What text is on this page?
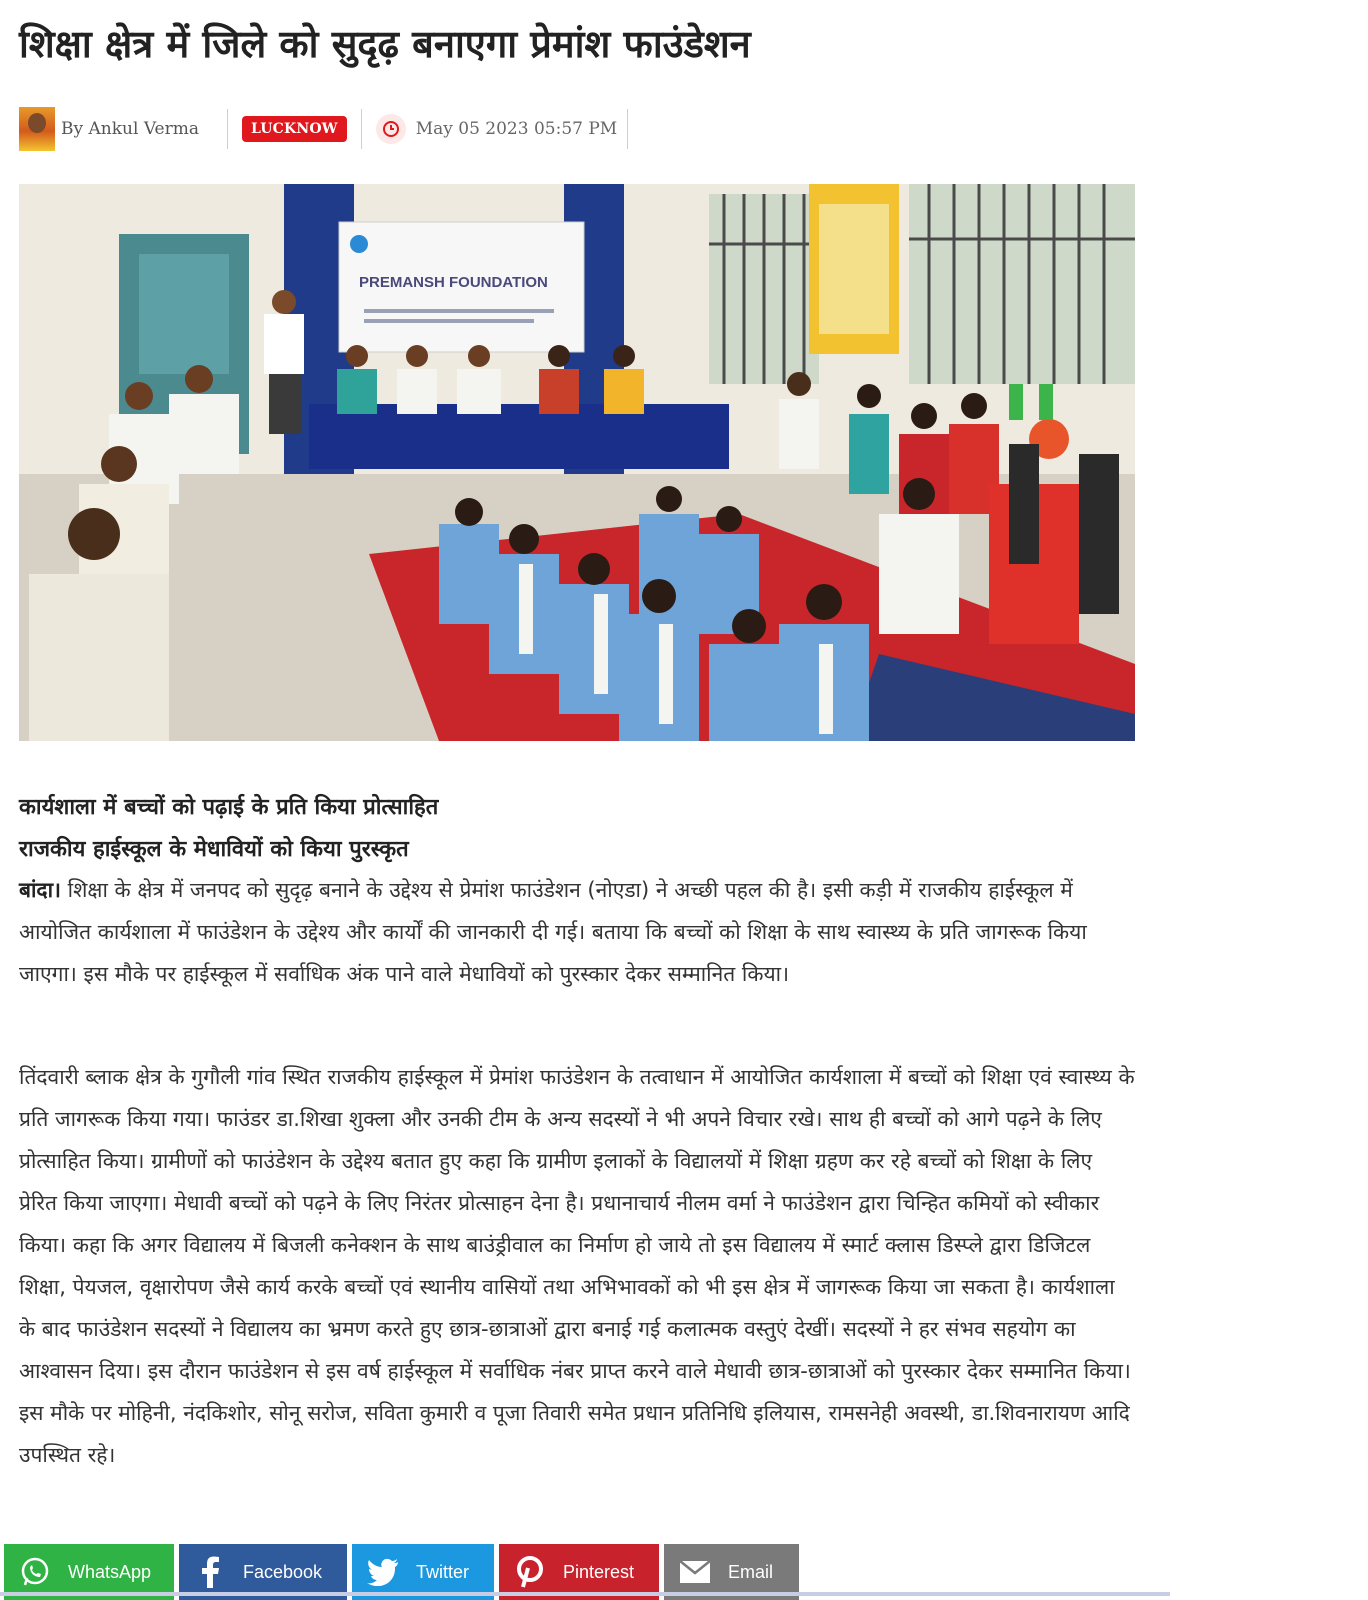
शिक्षा क्षेत्र में जिले को सुदृढ़ बनाएगा प्रेमांश फाउंडेशन
By Ankul Verma	LUCKNOW	May 05 2023 05:57 PM
PREMANSH FOUNDATION
कार्यशाला में बच्चों को पढ़ाई के प्रति किया प्रोत्साहित
राजकीय हाईस्कूल के मेधावियों को किया पुरस्कृत

बांदा। शिक्षा के क्षेत्र में जनपद को सुदृढ़ बनाने के उद्देश्य से प्रेमांश फाउंडेशन (नोएडा) ने अच्छी पहल की है। इसी कड़ी में राजकीय हाईस्कूल में आयोजित कार्यशाला में फाउंडेशन के उद्देश्य और कार्यों की जानकारी दी गई। बताया कि बच्चों को शिक्षा के साथ स्वास्थ्य के प्रति जागरूक किया जाएगा। इस मौके पर हाईस्कूल में सर्वाधिक अंक पाने वाले मेधावियों को पुरस्कार देकर सम्मानित किया।

तिंदवारी ब्लाक क्षेत्र के गुगौली गांव स्थित राजकीय हाईस्कूल में प्रेमांश फाउंडेशन के तत्वाधान में आयोजित कार्यशाला में बच्चों को शिक्षा एवं स्वास्थ्य के प्रति जागरूक किया गया। फाउंडर डा.शिखा शुक्ला और उनकी टीम के अन्य सदस्यों ने भी अपने विचार रखे। साथ ही बच्चों को आगे पढ़ने के लिए प्रोत्साहित किया। ग्रामीणों को फाउंडेशन के उद्देश्य बतात हुए कहा कि ग्रामीण इलाकों के विद्यालयों में शिक्षा ग्रहण कर रहे बच्चों को शिक्षा के लिए प्रेरित किया जाएगा। मेधावी बच्चों को पढ़ने के लिए निरंतर प्रोत्साहन देना है। प्रधानाचार्य नीलम वर्मा ने फाउंडेशन द्वारा चिन्हित कमियों को स्वीकार किया। कहा कि अगर विद्यालय में बिजली कनेक्शन के साथ बाउंड्रीवाल का निर्माण हो जाये तो इस विद्यालय में स्मार्ट क्लास डिस्प्ले द्वारा डिजिटल शिक्षा, पेयजल, वृक्षारोपण जैसे कार्य करके बच्चों एवं स्थानीय वासियों तथा अभिभावकों को भी इस क्षेत्र में जागरूक किया जा सकता है। कार्यशाला के बाद फाउंडेशन सदस्यों ने विद्यालय का भ्रमण करते हुए छात्र-छात्राओं द्वारा बनाई गई कलात्मक वस्तुएं देखीं। सदस्यों ने हर संभव सहयोग का आश्वासन दिया। इस दौरान फाउंडेशन से इस वर्ष हाईस्कूल में सर्वाधिक नंबर प्राप्त करने वाले मेधावी छात्र-छात्राओं को पुरस्कार देकर सम्मानित किया। इस मौके पर मोहिनी, नंदकिशोर, सोनू सरोज, सविता कुमारी व पूजा तिवारी समेत प्रधान प्रतिनिधि इलियास, रामसनेही अवस्थी, डा.शिवनारायण आदि उपस्थित रहे।

WhatsApp	Facebook	Twitter	Pinterest	Email
